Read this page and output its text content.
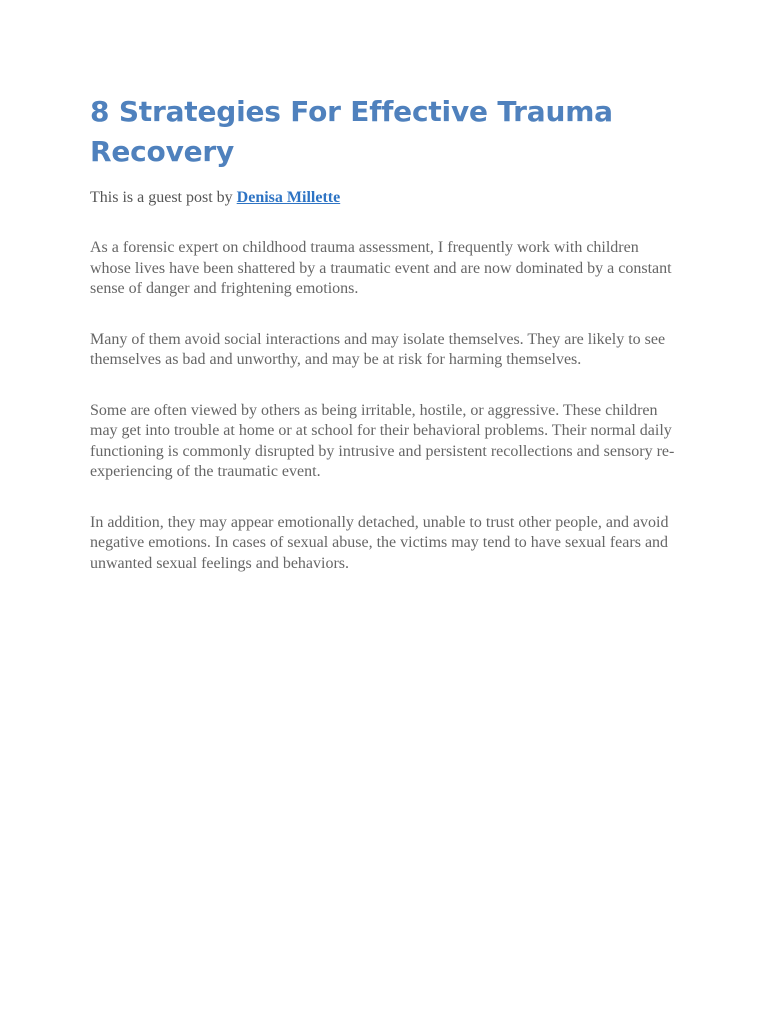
8 Strategies For Effective Trauma Recovery

This is a guest post by Denisa Millette

As a forensic expert on childhood trauma assessment, I frequently work with children whose lives have been shattered by a traumatic event and are now dominated by a constant sense of danger and frightening emotions.

Many of them avoid social interactions and may isolate themselves. They are likely to see themselves as bad and unworthy, and may be at risk for harming themselves.

Some are often viewed by others as being irritable, hostile, or aggressive. These children may get into trouble at home or at school for their behavioral problems. Their normal daily functioning is commonly disrupted by intrusive and persistent recollections and sensory re-experiencing of the traumatic event.

In addition, they may appear emotionally detached, unable to trust other people, and avoid negative emotions. In cases of sexual abuse, the victims may tend to have sexual fears and unwanted sexual feelings and behaviors.
